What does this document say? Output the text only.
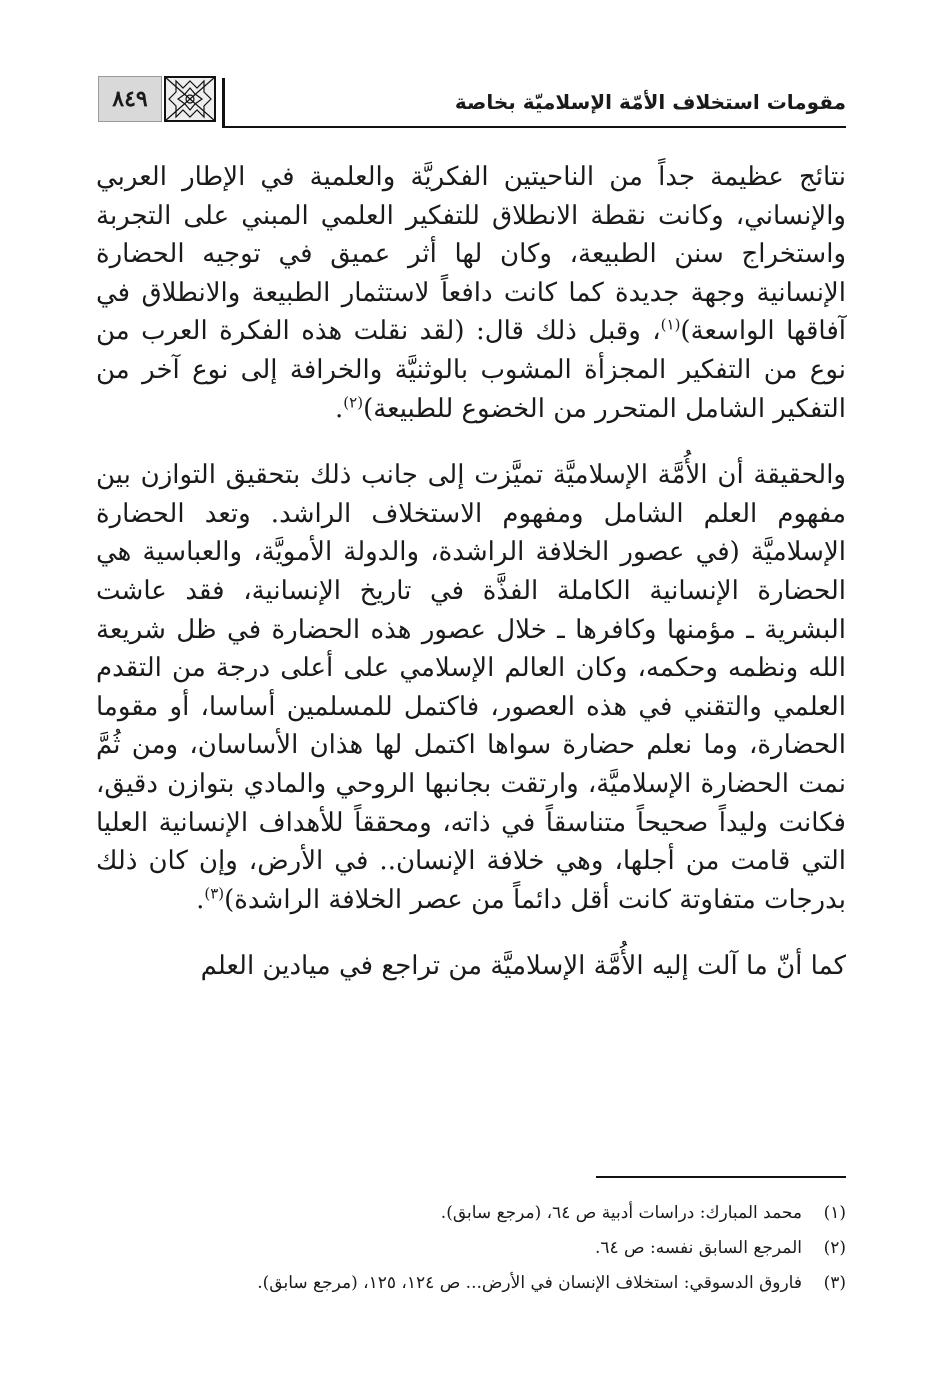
٨٤٩	مقومات استخلاف الأمّة الإسلاميّة بخاصة

نتائج عظيمة جداً من الناحيتين الفكريَّة والعلمية في الإطار العربي والإنساني، وكانت نقطة الانطلاق للتفكير العلمي المبني على التجربة واستخراج سنن الطبيعة، وكان لها أثر عميق في توجيه الحضارة الإنسانية وجهة جديدة كما كانت دافعاً لاستثمار الطبيعة والانطلاق في آفاقها الواسعة)$^{(١)}$، وقبل ذلك قال: (لقد نقلت هذه الفكرة العرب من نوع من التفكير المجزأة المشوب بالوثنيَّة والخرافة إلى نوع آخر من التفكير الشامل المتحرر من الخضوع للطبيعة)$^{(٢)}$.

والحقيقة أن الأُمَّة الإسلاميَّة تميَّزت إلى جانب ذلك بتحقيق التوازن بين مفهوم العلم الشامل ومفهوم الاستخلاف الراشد. وتعد الحضارة الإسلاميَّة (في عصور الخلافة الراشدة، والدولة الأمويَّة، والعباسية هي الحضارة الإنسانية الكاملة الفذَّة في تاريخ الإنسانية، فقد عاشت البشرية ـ مؤمنها وكافرها ـ خلال عصور هذه الحضارة في ظل شريعة الله ونظمه وحكمه، وكان العالم الإسلامي على أعلى درجة من التقدم العلمي والتقني في هذه العصور، فاكتمل للمسلمين أساسا، أو مقوما الحضارة، وما نعلم حضارة سواها اكتمل لها هذان الأساسان، ومن ثُمَّ نمت الحضارة الإسلاميَّة، وارتقت بجانبها الروحي والمادي بتوازن دقيق، فكانت وليداً صحيحاً متناسقاً في ذاته، ومحققاً للأهداف الإنسانية العليا التي قامت من أجلها، وهي خلافة الإنسان.. في الأرض، وإن كان ذلك بدرجات متفاوتة كانت أقل دائماً من عصر الخلافة الراشدة)$^{(٣)}$.

كما أنّ ما آلت إليه الأُمَّة الإسلاميَّة من تراجع في ميادين العلم

(١)محمد المبارك: دراسات أدبية ص ٦٤، (مرجع سابق).
(٢)المرجع السابق نفسه: ص ٦٤.
(٣)فاروق الدسوقي: استخلاف الإنسان في الأرض... ص ١٢٤، ١٢٥، (مرجع سابق).
